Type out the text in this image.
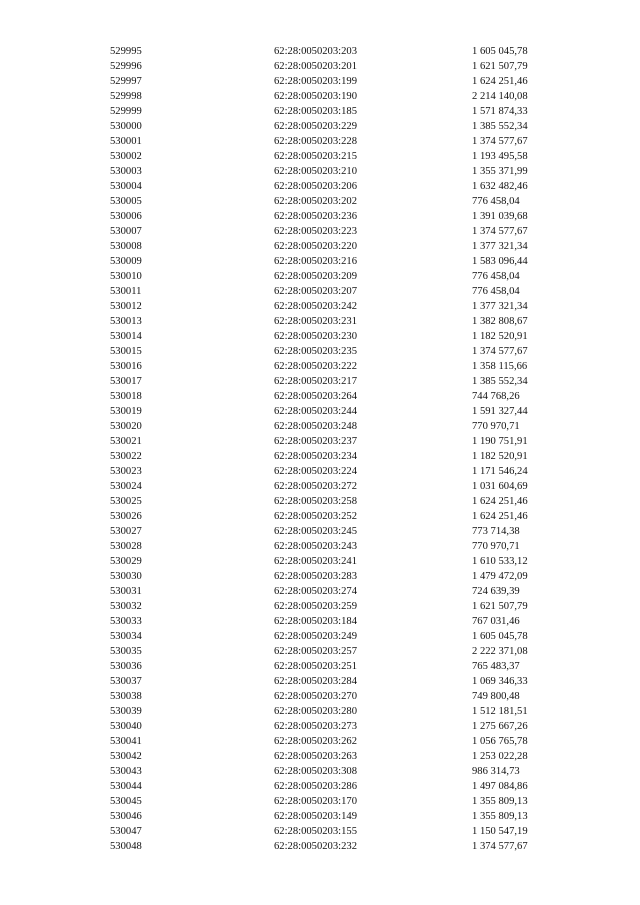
529995	62:28:0050203:203	1 605 045,78
529996	62:28:0050203:201	1 621 507,79
529997	62:28:0050203:199	1 624 251,46
529998	62:28:0050203:190	2 214 140,08
529999	62:28:0050203:185	1 571 874,33
530000	62:28:0050203:229	1 385 552,34
530001	62:28:0050203:228	1 374 577,67
530002	62:28:0050203:215	1 193 495,58
530003	62:28:0050203:210	1 355 371,99
530004	62:28:0050203:206	1 632 482,46
530005	62:28:0050203:202	776 458,04
530006	62:28:0050203:236	1 391 039,68
530007	62:28:0050203:223	1 374 577,67
530008	62:28:0050203:220	1 377 321,34
530009	62:28:0050203:216	1 583 096,44
530010	62:28:0050203:209	776 458,04
530011	62:28:0050203:207	776 458,04
530012	62:28:0050203:242	1 377 321,34
530013	62:28:0050203:231	1 382 808,67
530014	62:28:0050203:230	1 182 520,91
530015	62:28:0050203:235	1 374 577,67
530016	62:28:0050203:222	1 358 115,66
530017	62:28:0050203:217	1 385 552,34
530018	62:28:0050203:264	744 768,26
530019	62:28:0050203:244	1 591 327,44
530020	62:28:0050203:248	770 970,71
530021	62:28:0050203:237	1 190 751,91
530022	62:28:0050203:234	1 182 520,91
530023	62:28:0050203:224	1 171 546,24
530024	62:28:0050203:272	1 031 604,69
530025	62:28:0050203:258	1 624 251,46
530026	62:28:0050203:252	1 624 251,46
530027	62:28:0050203:245	773 714,38
530028	62:28:0050203:243	770 970,71
530029	62:28:0050203:241	1 610 533,12
530030	62:28:0050203:283	1 479 472,09
530031	62:28:0050203:274	724 639,39
530032	62:28:0050203:259	1 621 507,79
530033	62:28:0050203:184	767 031,46
530034	62:28:0050203:249	1 605 045,78
530035	62:28:0050203:257	2 222 371,08
530036	62:28:0050203:251	765 483,37
530037	62:28:0050203:284	1 069 346,33
530038	62:28:0050203:270	749 800,48
530039	62:28:0050203:280	1 512 181,51
530040	62:28:0050203:273	1 275 667,26
530041	62:28:0050203:262	1 056 765,78
530042	62:28:0050203:263	1 253 022,28
530043	62:28:0050203:308	986 314,73
530044	62:28:0050203:286	1 497 084,86
530045	62:28:0050203:170	1 355 809,13
530046	62:28:0050203:149	1 355 809,13
530047	62:28:0050203:155	1 150 547,19
530048	62:28:0050203:232	1 374 577,67
